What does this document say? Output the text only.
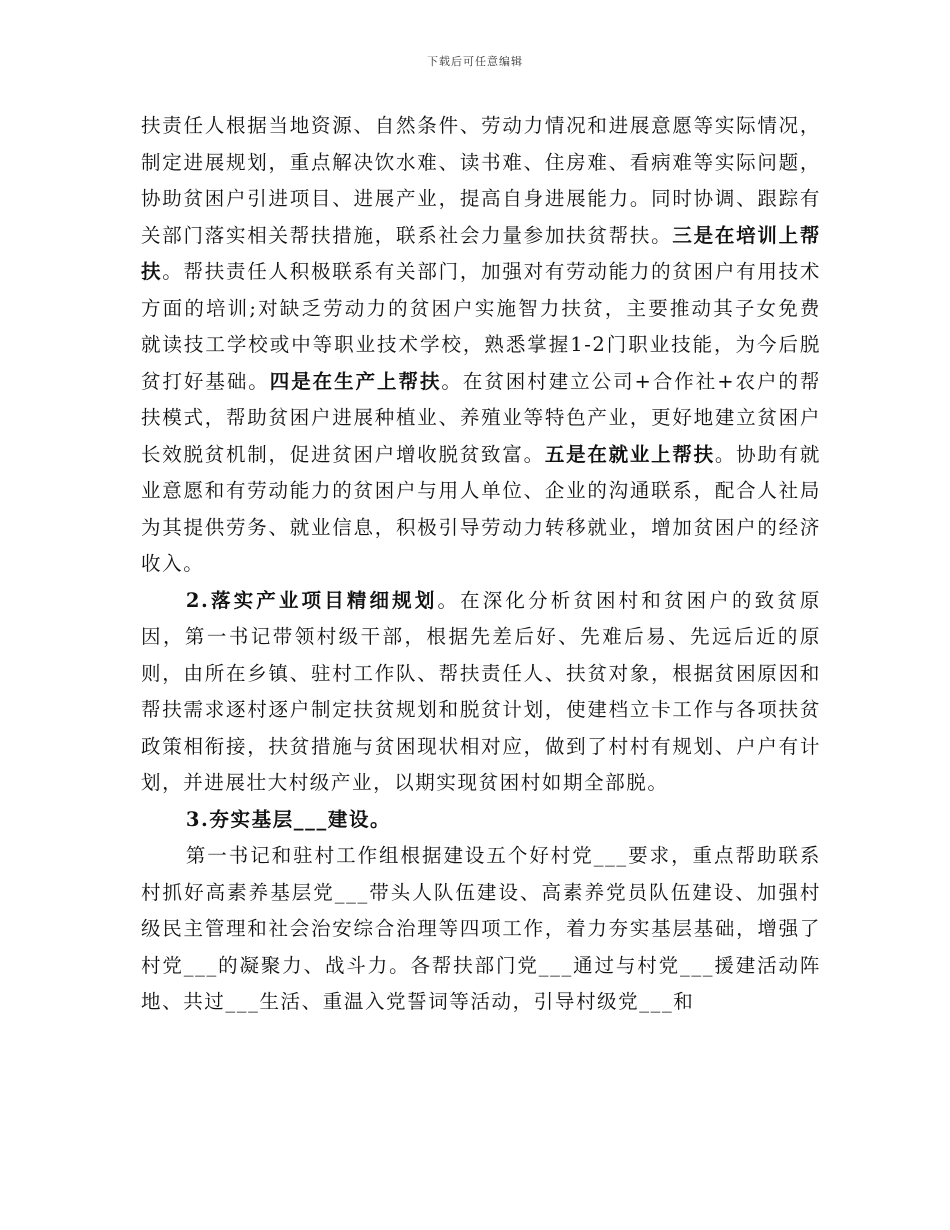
下载后可任意编辑

扶责任人根据当地资源、自然条件、劳动力情况和进展意愿等实际情况，制定进展规划，重点解决饮水难、读书难、住房难、看病难等实际问题，协助贫困户引进项目、进展产业，提高自身进展能力。同时协调、跟踪有关部门落实相关帮扶措施，联系社会力量参加扶贫帮扶。三是在培训上帮扶。帮扶责任人积极联系有关部门，加强对有劳动能力的贫困户有用技术方面的培训;对缺乏劳动力的贫困户实施智力扶贫，主要推动其子女免费就读技工学校或中等职业技术学校，熟悉掌握1-2门职业技能，为今后脱贫打好基础。四是在生产上帮扶。在贫困村建立公司+合作社+农户的帮扶模式，帮助贫困户进展种植业、养殖业等特色产业，更好地建立贫困户长效脱贫机制，促进贫困户增收脱贫致富。五是在就业上帮扶。协助有就业意愿和有劳动能力的贫困户与用人单位、企业的沟通联系，配合人社局为其提供劳务、就业信息，积极引导劳动力转移就业，增加贫困户的经济收入。

2.落实产业项目精细规划。在深化分析贫困村和贫困户的致贫原因，第一书记带领村级干部，根据先差后好、先难后易、先远后近的原则，由所在乡镇、驻村工作队、帮扶责任人、扶贫对象，根据贫困原因和帮扶需求逐村逐户制定扶贫规划和脱贫计划，使建档立卡工作与各项扶贫政策相衔接，扶贫措施与贫困现状相对应，做到了村村有规划、户户有计划，并进展壮大村级产业，以期实现贫困村如期全部脱。

3.夯实基层___建设。

第一书记和驻村工作组根据建设五个好村党___要求，重点帮助联系村抓好高素养基层党___带头人队伍建设、高素养党员队伍建设、加强村级民主管理和社会治安综合治理等四项工作，着力夯实基层基础，增强了村党___的凝聚力、战斗力。各帮扶部门党___通过与村党___援建活动阵地、共过___生活、重温入党誓词等活动，引导村级党___和
